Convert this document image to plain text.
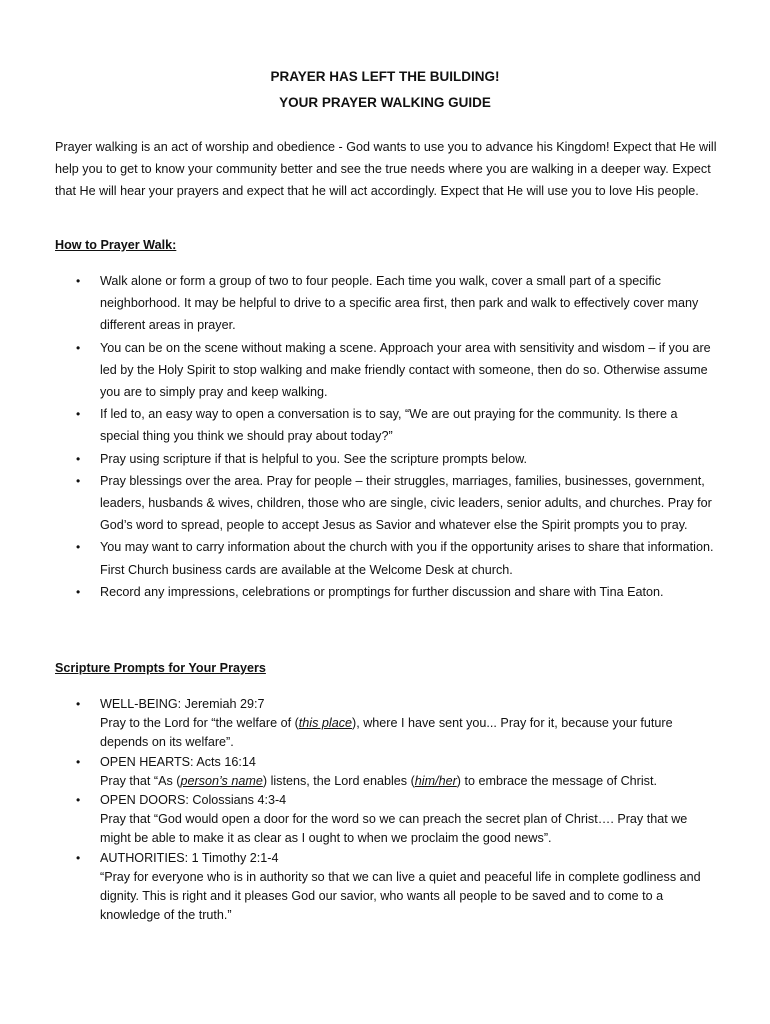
PRAYER HAS LEFT THE BUILDING!
YOUR PRAYER WALKING GUIDE

Prayer walking is an act of worship and obedience - God wants to use you to advance his Kingdom! Expect that He will help you to get to know your community better and see the true needs where you are walking in a deeper way. Expect that He will hear your prayers and expect that he will act accordingly. Expect that He will use you to love His people.

How to Prayer Walk:

• Walk alone or form a group of two to four people. Each time you walk, cover a small part of a specific neighborhood. It may be helpful to drive to a specific area first, then park and walk to effectively cover many different areas in prayer.
• You can be on the scene without making a scene. Approach your area with sensitivity and wisdom – if you are led by the Holy Spirit to stop walking and make friendly contact with someone, then do so. Otherwise assume you are to simply pray and keep walking.
• If led to, an easy way to open a conversation is to say, “We are out praying for the community. Is there a special thing you think we should pray about today?”
• Pray using scripture if that is helpful to you. See the scripture prompts below.
• Pray blessings over the area. Pray for people – their struggles, marriages, families, businesses, government, leaders, husbands & wives, children, those who are single, civic leaders, senior adults, and churches. Pray for God’s word to spread, people to accept Jesus as Savior and whatever else the Spirit prompts you to pray.
• You may want to carry information about the church with you if the opportunity arises to share that information. First Church business cards are available at the Welcome Desk at church.
• Record any impressions, celebrations or promptings for further discussion and share with Tina Eaton.

Scripture Prompts for Your Prayers

• WELL-BEING: Jeremiah 29:7
Pray to the Lord for “the welfare of (this place), where I have sent you... Pray for it, because your future depends on its welfare”.
• OPEN HEARTS: Acts 16:14
Pray that “As (person’s name) listens, the Lord enables (him/her) to embrace the message of Christ.
• OPEN DOORS: Colossians 4:3-4
Pray that “God would open a door for the word so we can preach the secret plan of Christ…. Pray that we might be able to make it as clear as I ought to when we proclaim the good news”.
• AUTHORITIES: 1 Timothy 2:1-4
“Pray for everyone who is in authority so that we can live a quiet and peaceful life in complete godliness and dignity. This is right and it pleases God our savior, who wants all people to be saved and to come to a knowledge of the truth.”
